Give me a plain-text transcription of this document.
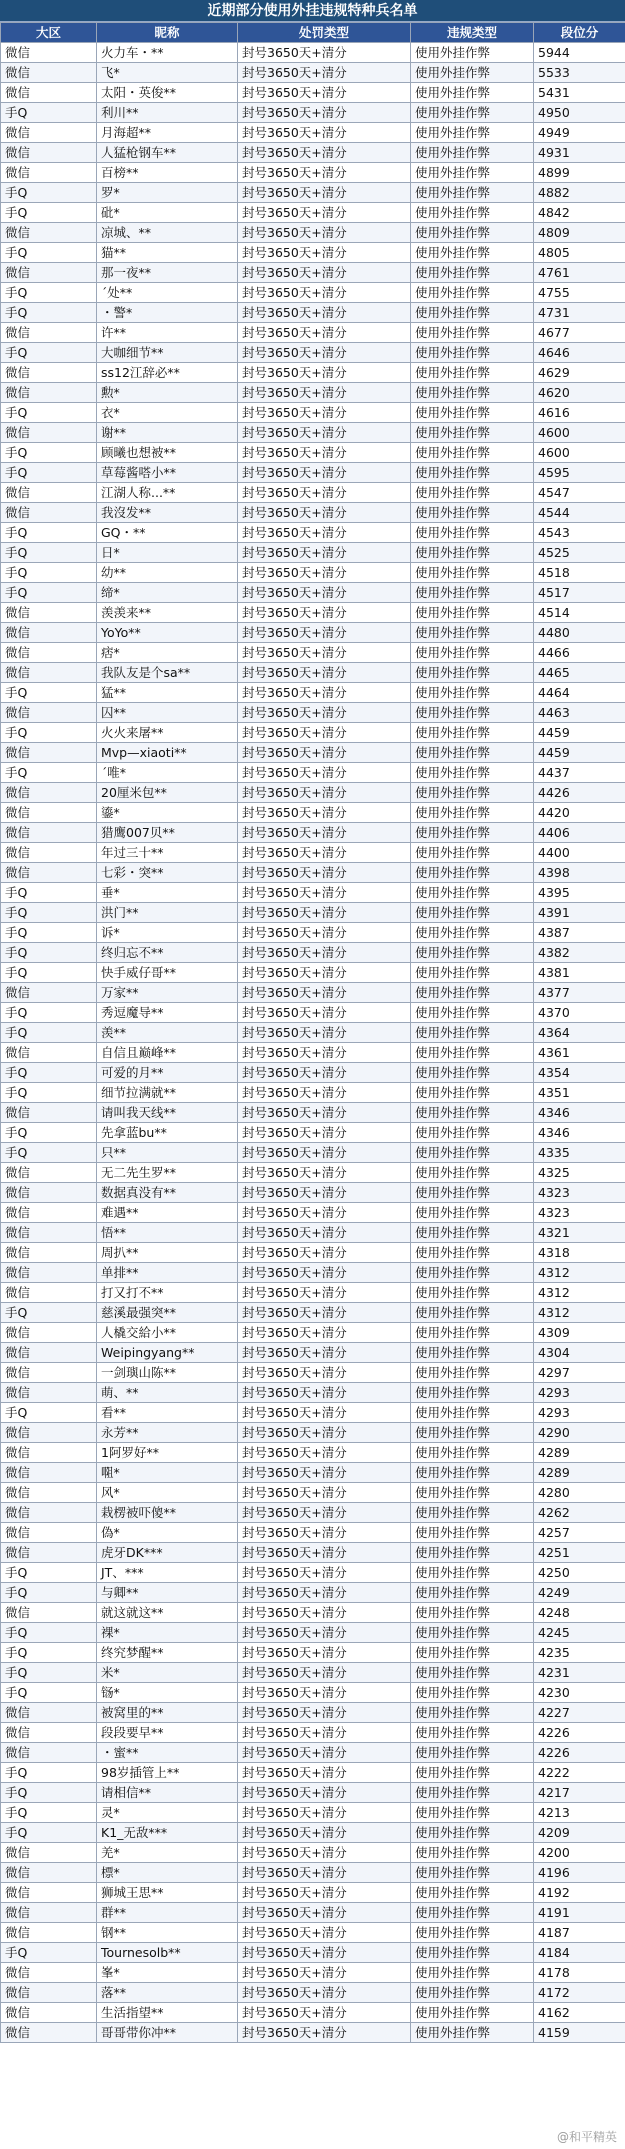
近期部分使用外挂违规特种兵名单
大区	昵称	处罚类型	违规类型	段位分
微信	火力车・**	封号3650天+清分	使用外挂作弊	5944
微信	飞*	封号3650天+清分	使用外挂作弊	5533
微信	太阳・英俊**	封号3650天+清分	使用外挂作弊	5431
手Q	利川**	封号3650天+清分	使用外挂作弊	4950
微信	月海超**	封号3650天+清分	使用外挂作弊	4949
微信	人猛枪钢车**	封号3650天+清分	使用外挂作弊	4931
微信	百榜**	封号3650天+清分	使用外挂作弊	4899
手Q	罗*	封号3650天+清分	使用外挂作弊	4882
手Q	砒*	封号3650天+清分	使用外挂作弊	4842
微信	凉城、**	封号3650天+清分	使用外挂作弊	4809
手Q	猫**	封号3650天+清分	使用外挂作弊	4805
微信	那一夜**	封号3650天+清分	使用外挂作弊	4761
手Q	ˊ处**	封号3650天+清分	使用外挂作弊	4755
手Q	・警*	封号3650天+清分	使用外挂作弊	4731
微信	许**	封号3650天+清分	使用外挂作弊	4677
手Q	大咖细节**	封号3650天+清分	使用外挂作弊	4646
微信	ss12江辞必**	封号3650天+清分	使用外挂作弊	4629
微信	勲*	封号3650天+清分	使用外挂作弊	4620
手Q	衣*	封号3650天+清分	使用外挂作弊	4616
微信	谢**	封号3650天+清分	使用外挂作弊	4600
手Q	顾曦也想被**	封号3650天+清分	使用外挂作弊	4600
手Q	草莓酱嗒小**	封号3650天+清分	使用外挂作弊	4595
微信	江湖人称...**	封号3650天+清分	使用外挂作弊	4547
微信	我沒发**	封号3650天+清分	使用外挂作弊	4544
手Q	GQ・**	封号3650天+清分	使用外挂作弊	4543
手Q	日*	封号3650天+清分	使用外挂作弊	4525
手Q	幼**	封号3650天+清分	使用外挂作弊	4518
手Q	缔*	封号3650天+清分	使用外挂作弊	4517
微信	羡羡来**	封号3650天+清分	使用外挂作弊	4514
微信	YoYo**	封号3650天+清分	使用外挂作弊	4480
微信	痞*	封号3650天+清分	使用外挂作弊	4466
微信	我队友是个sa**	封号3650天+清分	使用外挂作弊	4465
手Q	猛**	封号3650天+清分	使用外挂作弊	4464
微信	囚**	封号3650天+清分	使用外挂作弊	4463
手Q	火火来屠**	封号3650天+清分	使用外挂作弊	4459
微信	Mvp—xiaoti**	封号3650天+清分	使用外挂作弊	4459
手Q	ˊ唯*	封号3650天+清分	使用外挂作弊	4437
微信	20厘米包**	封号3650天+清分	使用外挂作弊	4426
微信	鎏*	封号3650天+清分	使用外挂作弊	4420
微信	猎鹰007贝**	封号3650天+清分	使用外挂作弊	4406
微信	年过三十**	封号3650天+清分	使用外挂作弊	4400
微信	七彩・突**	封号3650天+清分	使用外挂作弊	4398
手Q	垂*	封号3650天+清分	使用外挂作弊	4395
手Q	洪门**	封号3650天+清分	使用外挂作弊	4391
手Q	诉*	封号3650天+清分	使用外挂作弊	4387
手Q	终归忘不**	封号3650天+清分	使用外挂作弊	4382
手Q	快手威仔哥**	封号3650天+清分	使用外挂作弊	4381
微信	万家**	封号3650天+清分	使用外挂作弊	4377
手Q	秀逗魔导**	封号3650天+清分	使用外挂作弊	4370
手Q	羡**	封号3650天+清分	使用外挂作弊	4364
微信	自信且巅峰**	封号3650天+清分	使用外挂作弊	4361
手Q	可爱的月**	封号3650天+清分	使用外挂作弊	4354
手Q	细节拉满就**	封号3650天+清分	使用外挂作弊	4351
微信	请叫我天线**	封号3650天+清分	使用外挂作弊	4346
手Q	先拿蓝bu**	封号3650天+清分	使用外挂作弊	4346
手Q	只**	封号3650天+清分	使用外挂作弊	4335
微信	无二先生罗**	封号3650天+清分	使用外挂作弊	4325
微信	数据真没有**	封号3650天+清分	使用外挂作弊	4323
微信	难遇**	封号3650天+清分	使用外挂作弊	4323
微信	悟**	封号3650天+清分	使用外挂作弊	4321
微信	周扒**	封号3650天+清分	使用外挂作弊	4318
微信	单排**	封号3650天+清分	使用外挂作弊	4312
微信	打又打不**	封号3650天+清分	使用外挂作弊	4312
手Q	慈溪最强突**	封号3650天+清分	使用外挂作弊	4312
微信	人橇交給小**	封号3650天+清分	使用外挂作弊	4309
微信	Weipingyang**	封号3650天+清分	使用外挂作弊	4304
微信	一剑璵山陈**	封号3650天+清分	使用外挂作弊	4297
微信	萌、**	封号3650天+清分	使用外挂作弊	4293
手Q	看**	封号3650天+清分	使用外挂作弊	4293
微信	永芳**	封号3650天+清分	使用外挂作弊	4290
微信	1阿罗好**	封号3650天+清分	使用外挂作弊	4289
微信	唨*	封号3650天+清分	使用外挂作弊	4289
微信	风*	封号3650天+清分	使用外挂作弊	4280
微信	栽楞被吓傻**	封号3650天+清分	使用外挂作弊	4262
微信	偽*	封号3650天+清分	使用外挂作弊	4257
微信	虎牙DK***	封号3650天+清分	使用外挂作弊	4251
手Q	JT、***	封号3650天+清分	使用外挂作弊	4250
手Q	与卿**	封号3650天+清分	使用外挂作弊	4249
微信	就这就这**	封号3650天+清分	使用外挂作弊	4248
手Q	裸*	封号3650天+清分	使用外挂作弊	4245
手Q	终究梦醒**	封号3650天+清分	使用外挂作弊	4235
手Q	米*	封号3650天+清分	使用外挂作弊	4231
手Q	铴*	封号3650天+清分	使用外挂作弊	4230
微信	被窝里的**	封号3650天+清分	使用外挂作弊	4227
微信	段段要早**	封号3650天+清分	使用外挂作弊	4226
微信	・蜜**	封号3650天+清分	使用外挂作弊	4226
手Q	98岁插管上**	封号3650天+清分	使用外挂作弊	4222
手Q	请相信**	封号3650天+清分	使用外挂作弊	4217
手Q	灵*	封号3650天+清分	使用外挂作弊	4213
手Q	K1_无敌***	封号3650天+清分	使用外挂作弊	4209
微信	羌*	封号3650天+清分	使用外挂作弊	4200
微信	標*	封号3650天+清分	使用外挂作弊	4196
微信	狮城王思**	封号3650天+清分	使用外挂作弊	4192
微信	群**	封号3650天+清分	使用外挂作弊	4191
微信	钢**	封号3650天+清分	使用外挂作弊	4187
手Q	Tournesolb**	封号3650天+清分	使用外挂作弊	4184
微信	峯*	封号3650天+清分	使用外挂作弊	4178
微信	落**	封号3650天+清分	使用外挂作弊	4172
微信	生活指望**	封号3650天+清分	使用外挂作弊	4162
微信	哥哥带你冲**	封号3650天+清分	使用外挂作弊	4159
@和平精英
